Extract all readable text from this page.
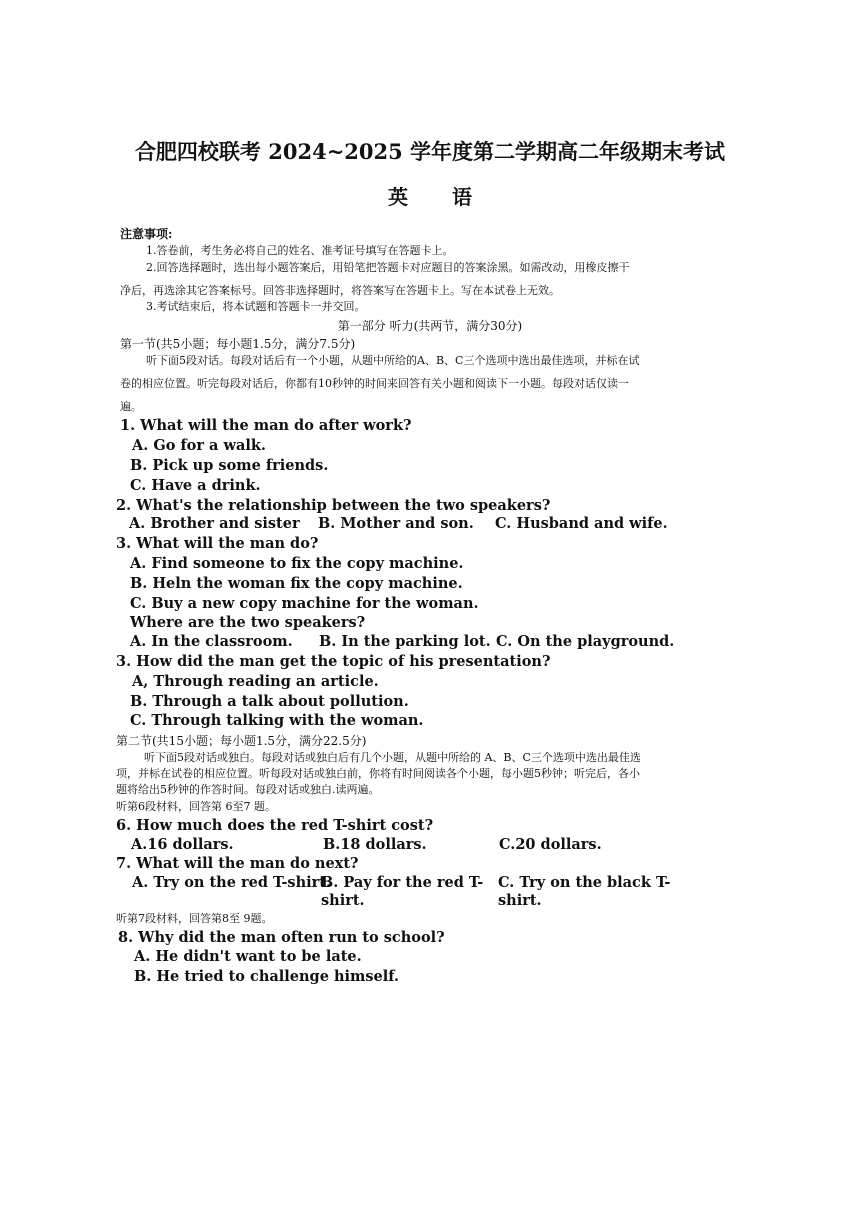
合肥四校联考 2024~2025 学年度第二学期高二年级期末考试
英 语
注意事项:
1.答卷前，考生务必将自己的姓名、准考证号填写在答题卡上。
2.回答选择题时，选出每小题答案后，用铅笔把答题卡对应题目的答案涂黑。如需改动，用橡皮擦干
净后，再选涂其它答案标号。回答非选择题时，将答案写在答题卡上。写在本试卷上无效。
3.考试结束后，将本试题和答题卡一并交回。
第一部分 听力(共两节，满分30分)
第一节(共5小题；每小题1.5分，满分7.5分)
听下面5段对话。每段对话后有一个小题，从题中所给的A、B、C三个选项中选出最佳选项，并标在试
卷的相应位置。听完每段对话后，你都有10秒钟的时间来回答有关小题和阅读下一小题。每段对话仅读一
遍。
1. What will the man do after work?
A. Go for a walk.
B. Pick up some friends.
C. Have a drink.
2. What's the relationship between the two speakers?
A. Brother and sister B. Mother and son. C. Husband and wife.
3. What will the man do?
A. Find someone to fix the copy machine.
B. Heln the woman fix the copy machine.
C. Buy a new copy machine for the woman.
Where are the two speakers?
A. In the classroom. B. In the parking lot. C. On the playground.
3. How did the man get the topic of his presentation?
A, Through reading an article.
B. Through a talk about pollution.
C. Through talking with the woman.
第二节(共15小题；每小题1.5分，满分22.5分)
听下面5段对话或独白。每段对话或独白后有几个小题，从题中所给的 A、B、C三个选项中选出最佳选
项，并标在试卷的相应位置。听每段对话或独白前，你将有时间阅读各个小题，每小题5秒钟；听完后，各小
题将给出5秒钟的作答时间。每段对话或独白.读两遍。
听第6段材料，回答第 6至7 题。
6. How much does the red T-shirt cost?
A.16 dollars.	B.18 dollars.	C.20 dollars.
7. What will the man do next?
A. Try on the red T-shirt.
B. Pay for the red T-
shirt.
C. Try on the black T-
shirt.
听第7段材料，回答第8至 9题。
8. Why did the man often run to school?
A. He didn't want to be late.
B. He tried to challenge himself.
